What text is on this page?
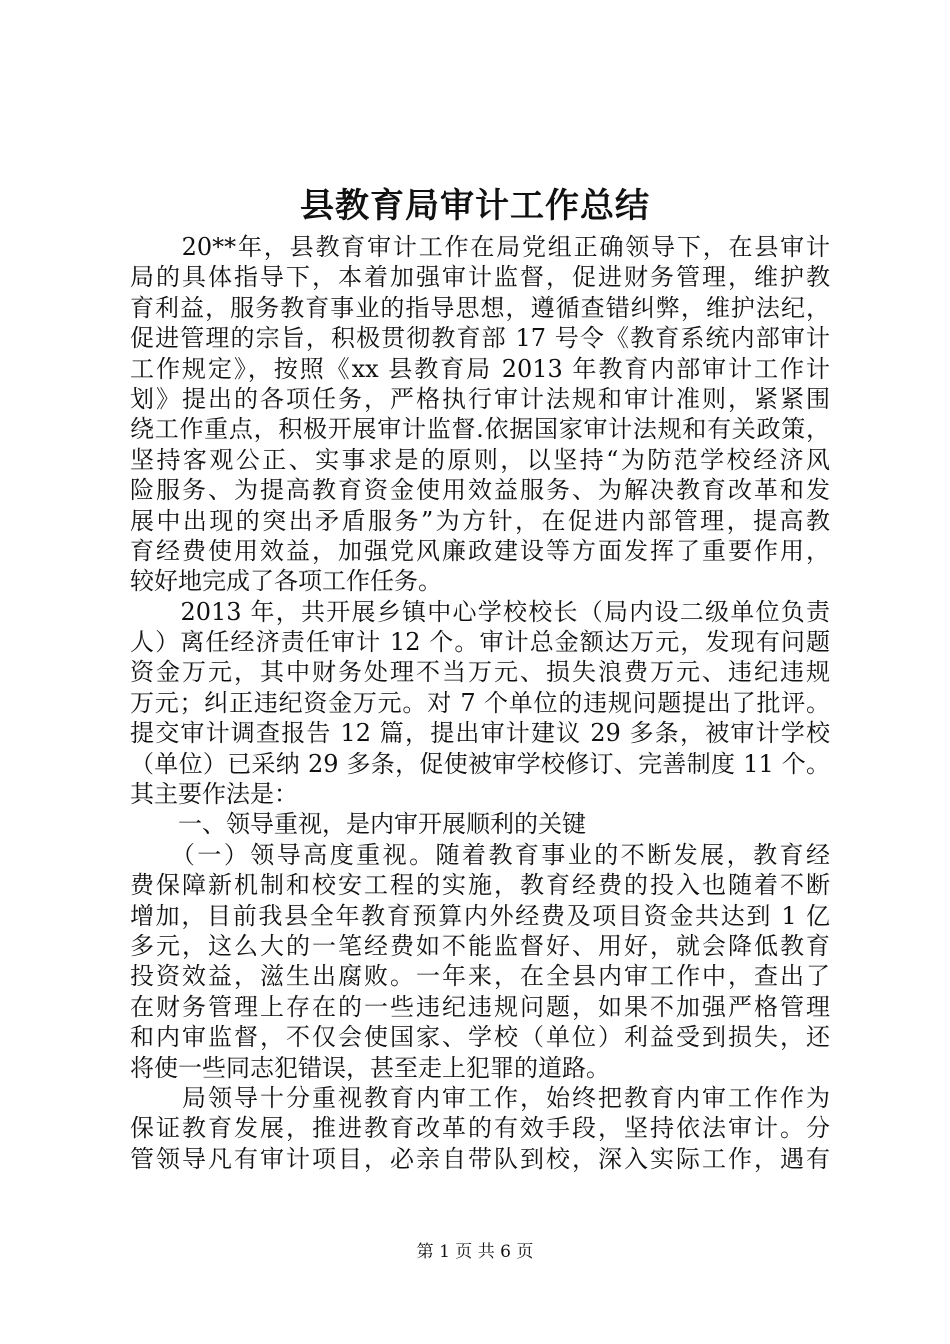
县教育局审计工作总结
　　20**年，县教育审计工作在局党组正确领导下，在县审计
局的具体指导下，本着加强审计监督，促进财务管理，维护教
育利益，服务教育事业的指导思想，遵循查错纠弊，维护法纪，
促进管理的宗旨，积极贯彻教育部 17 号令《教育系统内部审计
工作规定》，按照《xx 县教育局 2013 年教育内部审计工作计
划》提出的各项任务，严格执行审计法规和审计准则，紧紧围
绕工作重点，积极开展审计监督.依据国家审计法规和有关政策，
坚持客观公正、实事求是的原则，以坚持“为防范学校经济风
险服务、为提高教育资金使用效益服务、为解决教育改革和发
展中出现的突出矛盾服务”为方针，在促进内部管理，提高教
育经费使用效益，加强党风廉政建设等方面发挥了重要作用，
较好地完成了各项工作任务。
　　2013 年，共开展乡镇中心学校校长（局内设二级单位负责
人）离任经济责任审计 12 个。审计总金额达万元，发现有问题
资金万元，其中财务处理不当万元、损失浪费万元、违纪违规
万元；纠正违纪资金万元。对 7 个单位的违规问题提出了批评。
提交审计调查报告 12 篇，提出审计建议 29 多条，被审计学校
（单位）已采纳 29 多条，促使被审学校修订、完善制度 11 个。
其主要作法是：
　　一、领导重视，是内审开展顺利的关键
　　（一）领导高度重视。随着教育事业的不断发展，教育经
费保障新机制和校安工程的实施，教育经费的投入也随着不断
增加，目前我县全年教育预算内外经费及项目资金共达到 1 亿
多元，这么大的一笔经费如不能监督好、用好，就会降低教育
投资效益，滋生出腐败。一年来，在全县内审工作中，查出了
在财务管理上存在的一些违纪违规问题，如果不加强严格管理
和内审监督，不仅会使国家、学校（单位）利益受到损失，还
将使一些同志犯错误，甚至走上犯罪的道路。
　　局领导十分重视教育内审工作，始终把教育内审工作作为
保证教育发展，推进教育改革的有效手段，坚持依法审计。分
管领导凡有审计项目，必亲自带队到校，深入实际工作，遇有
第 1 页 共 6 页
